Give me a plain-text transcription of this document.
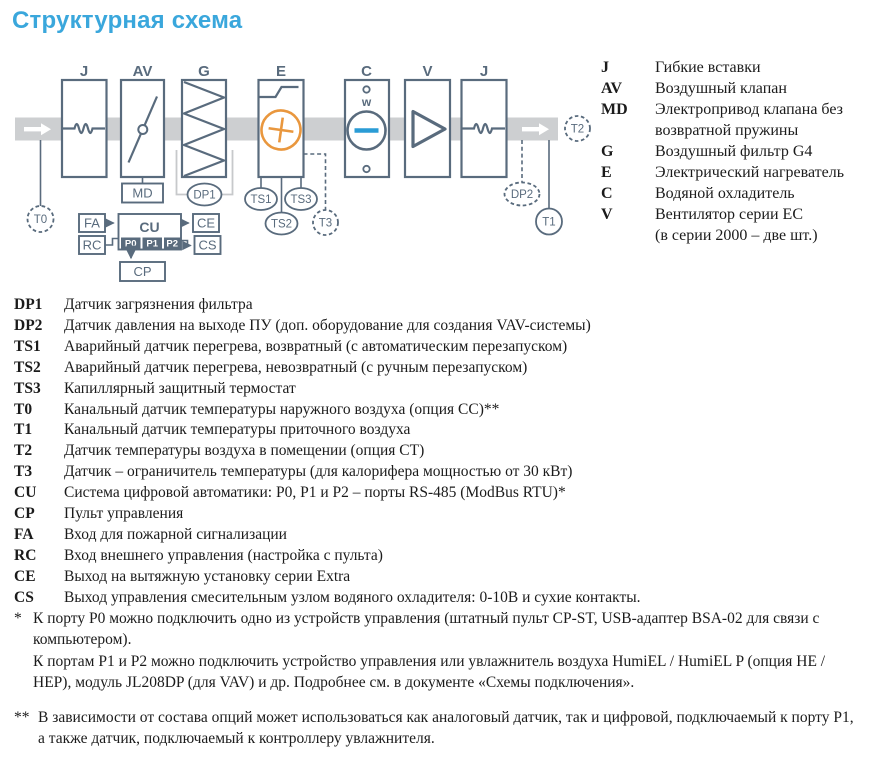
Структурная схема
J	AV	G	E	C	V	J
w
MD	DP1	TS1 TS3
TS2 T3
T0	T1
T2
DP2
FA
RC
CU
P0 P1 P2
CE
CS
CP
J	Гибкие вставки
AV	Воздушный клапан
MD	Электропривод клапана без
возвратной пружины
G	Воздушный фильтр G4
E	Электрический нагреватель
C	Водяной охладитель
V	Вентилятор серии EC
(в серии 2000 – две шт.)
DP1	Датчик загрязнения фильтра
DP2	Датчик давления на выходе ПУ (доп. оборудование для создания VAV-системы)
TS1	Аварийный датчик перегрева, возвратный (с автоматическим перезапуском)
TS2	Аварийный датчик перегрева, невозвратный (с ручным перезапуском)
TS3	Капиллярный защитный термостат
T0	Канальный датчик температуры наружного воздуха (опция СС)**
T1	Канальный датчик температуры приточного воздуха
T2	Датчик температуры воздуха в помещении (опция СТ)
T3	Датчик – ограничитель температуры (для калорифера мощностью от 30 кВт)
CU	Система цифровой автоматики: P0, P1 и P2 – порты RS-485 (ModBus RTU)*
CP	Пульт управления
FA	Вход для пожарной сигнализации
RC	Вход внешнего управления (настройка с пульта)
CE	Выход на вытяжную установку серии Extra
CS	Выход управления смесительным узлом водяного охладителя: 0-10В и сухие контакты.
* К порту P0 можно подключить одно из устройств управления (штатный пульт CP-ST, USB-адаптер BSA-02 для связи с компьютером).

К портам P1 и P2 можно подключить устройство управления или увлажнитель воздуха HumiEL / HumiEL P (опция HE / HEP), модуль JL208DP (для VAV) и др. Подробнее см. в документе «Схемы подключения».

** В зависимости от состава опций может использоваться как аналоговый датчик, так и цифровой, подключаемый к порту P1, а также датчик, подключаемый к контроллеру увлажнителя.
